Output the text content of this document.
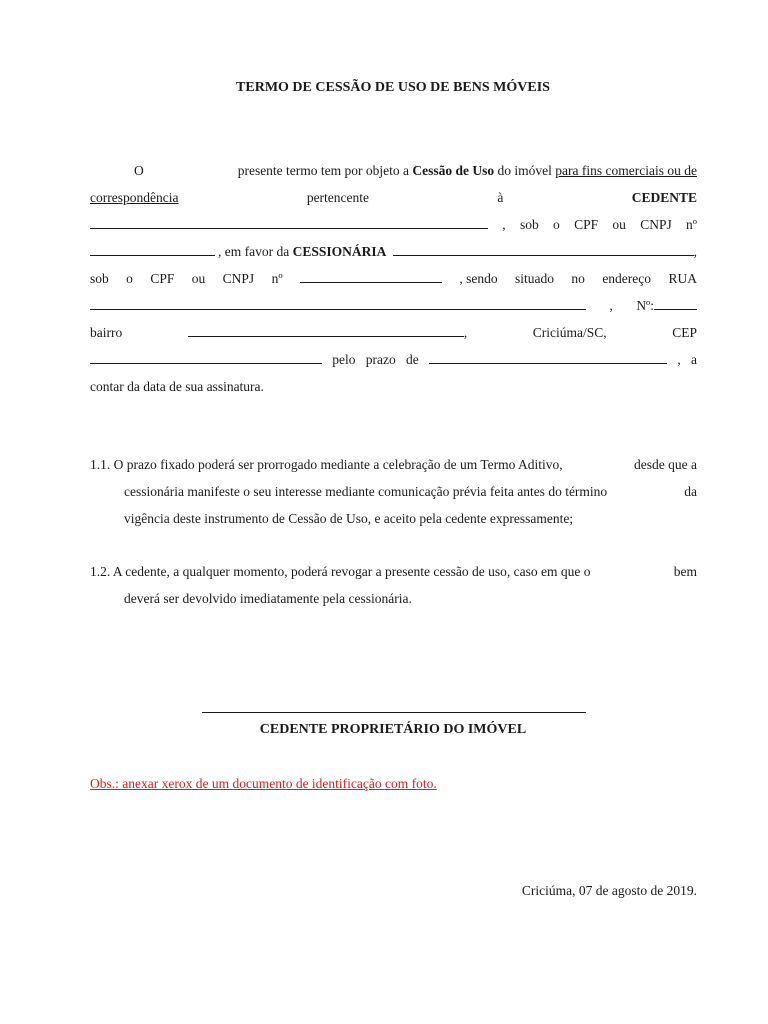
TERMO DE CESSÃO DE USO DE BENS MÓVEIS
O	presente termo tem por objeto a Cessão de Uso do imóvel para fins comerciais ou de
correspondência	pertencente	à	CEDENTE
, sob o CPF ou CNPJ nº
, em favor da CESSIONÁRIA	,
sob o CPF ou CNPJ nº	, sendo situado no endereço RUA
, Nº:
bairro	,	Criciúma/SC,	CEP
pelo prazo de	, a
contar da data de sua assinatura.
1.1. O prazo fixado poderá ser prorrogado mediante a celebração de um Termo Aditivo,	desde que a
cessionária manifeste o seu interesse mediante comunicação prévia feita antes do término	da
vigência deste instrumento de Cessão de Uso, e aceito pela cedente expressamente;
1.2. A cedente, a qualquer momento, poderá revogar a presente cessão de uso, caso em que o	bem
deverá ser devolvido imediatamente pela cessionária.
CEDENTE PROPRIETÁRIO DO IMÓVEL
Obs.: anexar xerox de um documento de identificação com foto.
Criciúma, 07 de agosto de 2019.
